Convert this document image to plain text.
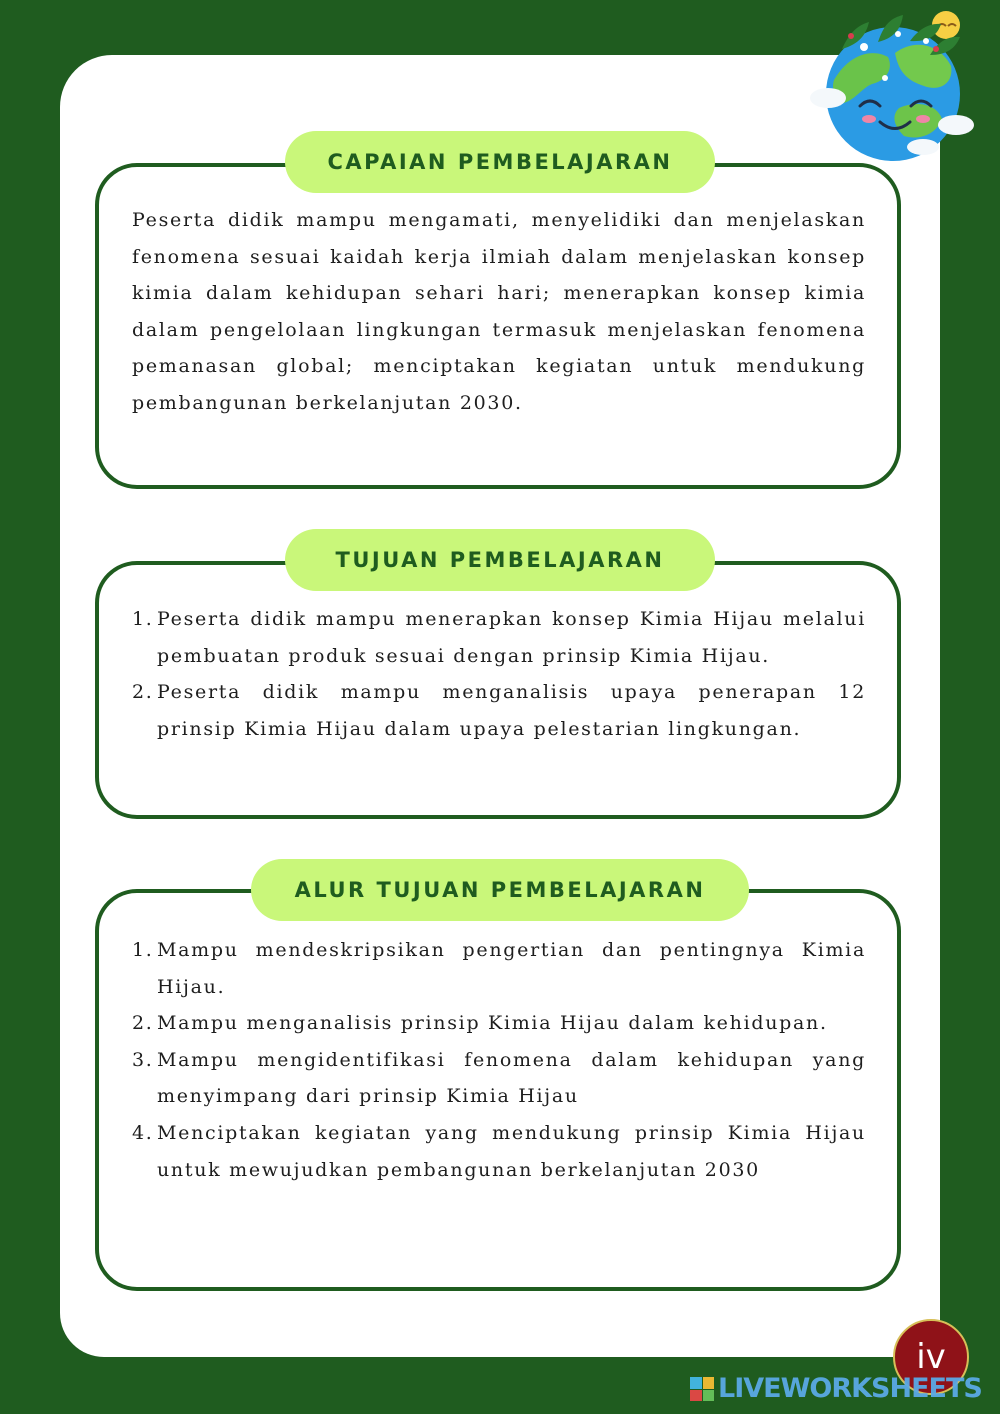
CAPAIAN PEMBELAJARAN

Peserta didik mampu mengamati, menyelidiki dan menjelaskan fenomena sesuai kaidah kerja ilmiah dalam menjelaskan konsep kimia dalam kehidupan sehari hari; menerapkan konsep kimia dalam pengelolaan lingkungan termasuk menjelaskan fenomena pemanasan global; menciptakan kegiatan untuk mendukung pembangunan berkelanjutan 2030.

TUJUAN PEMBELAJARAN
1. Peserta didik mampu menerapkan konsep Kimia Hijau melalui pembuatan produk sesuai dengan prinsip Kimia Hijau.
2. Peserta didik mampu menganalisis upaya penerapan 12 prinsip Kimia Hijau dalam upaya pelestarian lingkungan.
ALUR TUJUAN PEMBELAJARAN
1. Mampu mendeskripsikan pengertian dan pentingnya Kimia Hijau.
2. Mampu menganalisis prinsip Kimia Hijau dalam kehidupan.
3. Mampu mengidentifikasi fenomena dalam kehidupan yang menyimpang dari prinsip Kimia Hijau
4. Menciptakan kegiatan yang mendukung prinsip Kimia Hijau untuk mewujudkan pembangunan berkelanjutan 2030
iv
LIVEWORKSHEETS
